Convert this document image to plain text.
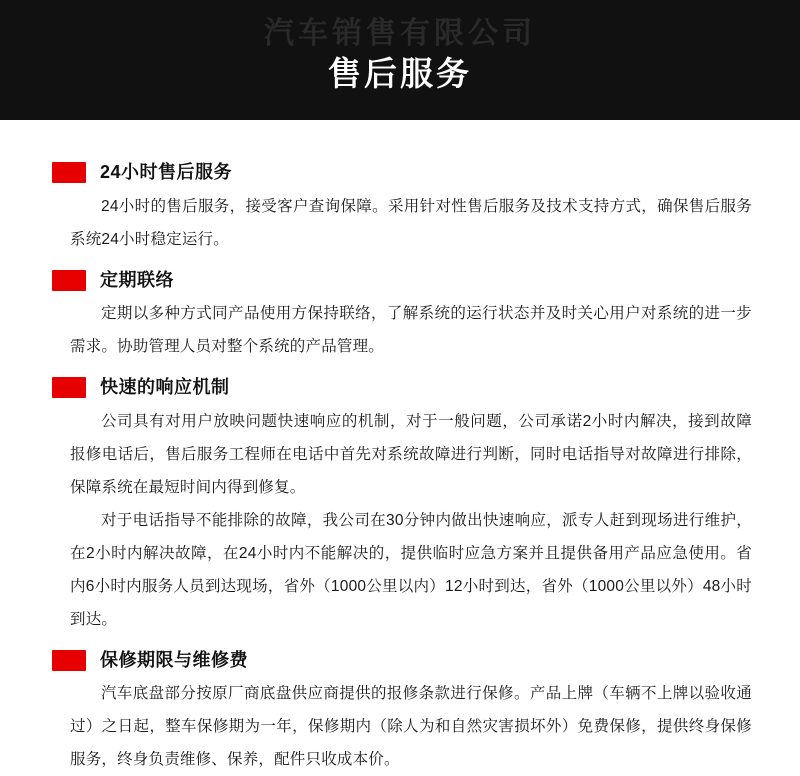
汽车销售有限公司
售后服务
24小时售后服务

24小时的售后服务，接受客户查询保障。采用针对性售后服务及技术支持方式，确保售后服务系统24小时稳定运行。

定期联络

定期以多种方式同产品使用方保持联络，了解系统的运行状态并及时关心用户对系统的进一步需求。协助管理人员对整个系统的产品管理。

快速的响应机制

公司具有对用户放映问题快速响应的机制，对于一般问题，公司承诺2小时内解决，接到故障报修电话后，售后服务工程师在电话中首先对系统故障进行判断，同时电话指导对故障进行排除，保障系统在最短时间内得到修复。

对于电话指导不能排除的故障，我公司在30分钟内做出快速响应，派专人赶到现场进行维护，在2小时内解决故障，在24小时内不能解决的，提供临时应急方案并且提供备用产品应急使用。省内6小时内服务人员到达现场，省外（1000公里以内）12小时到达，省外（1000公里以外）48小时到达。

保修期限与维修费

汽车底盘部分按原厂商底盘供应商提供的报修条款进行保修。产品上牌（车辆不上牌以验收通过）之日起，整车保修期为一年，保修期内（除人为和自然灾害损坏外）免费保修，提供终身保修服务，终身负责维修、保养，配件只收成本价。
